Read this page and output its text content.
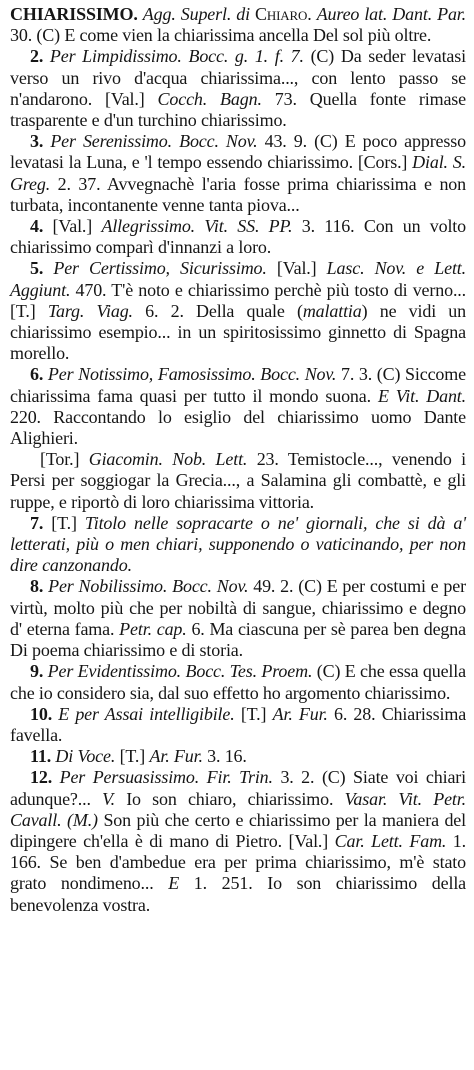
CHIARISSIMO. Agg. Superl. di Chiaro. Aureo lat. Dant. Par. 30. (C) E come vien la chiarissima ancella Del sol più oltre.

2. Per Limpidissimo. Bocc. g. 1. f. 7. (C) Da seder levatasi verso un rivo d'acqua chiarissima..., con lento passo se n'andarono. [Val.] Cocch. Bagn. 73. Quella fonte rimase trasparente e d'un turchino chiarissimo.

3. Per Serenissimo. Bocc. Nov. 43. 9. (C) E poco appresso levatasi la Luna, e 'l tempo essendo chiarissimo. [Cors.] Dial. S. Greg. 2. 37. Avvegnachè l'aria fosse prima chiarissima e non turbata, incontanente venne tanta piova...

4. [Val.] Allegrissimo. Vit. SS. PP. 3. 116. Con un volto chiarissimo comparì d'innanzi a loro.

5. Per Certissimo, Sicurissimo. [Val.] Lasc. Nov. e Lett. Aggiunt. 470. T'è noto e chiarissimo perchè più tosto di verno... [T.] Targ. Viag. 6. 2. Della quale (malattia) ne vidi un chiarissimo esempio... in un spiritosissimo ginnetto di Spagna morello.

6. Per Notissimo, Famosissimo. Bocc. Nov. 7. 3. (C) Siccome chiarissima fama quasi per tutto il mondo suona. E Vit. Dant. 220. Raccontando lo esiglio del chiarissimo uomo Dante Alighieri.

[Tor.] Giacomin. Nob. Lett. 23. Temistocle..., venendo i Persi per soggiogar la Grecia..., a Salamina gli combattè, e gli ruppe, e riportò di loro chiarissima vittoria.

7. [T.] Titolo nelle sopracarte o ne' giornali, che si dà a' letterati, più o men chiari, supponendo o vaticinando, per non dire canzonando.

8. Per Nobilissimo. Bocc. Nov. 49. 2. (C) E per costumi e per virtù, molto più che per nobiltà di sangue, chiarissimo e degno d' eterna fama. Petr. cap. 6. Ma ciascuna per sè parea ben degna Di poema chiarissimo e di storia.

9. Per Evidentissimo. Bocc. Tes. Proem. (C) E che essa quella che io considero sia, dal suo effetto ho argomento chiarissimo.

10. E per Assai intelligibile. [T.] Ar. Fur. 6. 28. Chiarissima favella.

11. Di Voce. [T.] Ar. Fur. 3. 16.

12. Per Persuasissimo. Fir. Trin. 3. 2. (C) Siate voi chiari adunque?... V. Io son chiaro, chiarissimo. Vasar. Vit. Petr. Cavall. (M.) Son più che certo e chiarissimo per la maniera del dipingere ch'ella è di mano di Pietro. [Val.] Car. Lett. Fam. 1. 166. Se ben d'ambedue era per prima chiarissimo, m'è stato grato nondimeno... E 1. 251. Io son chiarissimo della benevolenza vostra.
